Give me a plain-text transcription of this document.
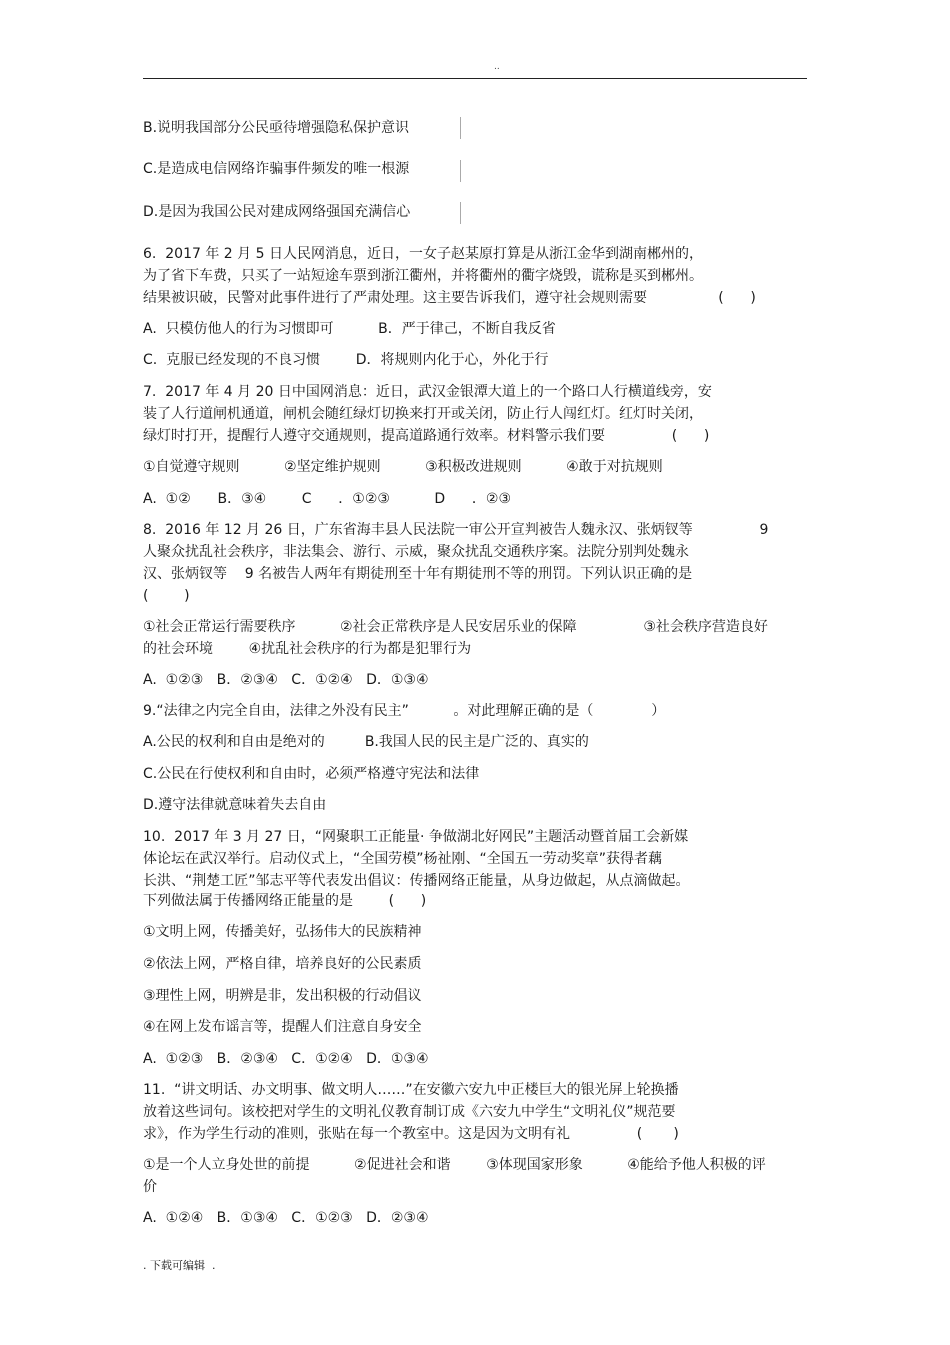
..
B.说明我国部分公民亟待增强隐私保护意识
C.是造成电信网络诈骗事件频发的唯一根源
D.是因为我国公民对建成网络强国充满信心
6.  2017 年 2 月 5 日人民网消息，近日，一女子赵某原打算是从浙江金华到湖南郴州的，
为了省下车费，只买了一站短途车票到浙江衢州，并将衢州的衢字烧毁，谎称是买到郴州。
结果被识破，民警对此事件进行了严肃处理。这主要告诉我们，遵守社会规则需要                (      )
A.  只模仿他人的行为习惯即可          B．严于律己，不断自我反省
C.  克服已经发现的不良习惯        D．将规则内化于心，外化于行
7.  2017 年 4 月 20 日中国网消息：近日，武汉金银潭大道上的一个路口人行横道线旁，安
装了人行道闸机通道，闸机会随红绿灯切换来打开或关闭，防止行人闯红灯。红灯时关闭，
绿灯时打开，提醒行人遵守交通规则，提高道路通行效率。材料警示我们要               (      )
①自觉遵守规则          ②坚定维护规则          ③积极改进规则          ④敢于对抗规则
A.  ①②      B．③④        C      ．①②③          D      ．②③
8.  2016 年 12 月 26 日，广东省海丰县人民法院一审公开宣判被告人魏永汉、张炳钗等               9
人聚众扰乱社会秩序，非法集会、游行、示威，聚众扰乱交通秩序案。法院分别判处魏永
汉、张炳钗等    9 名被告人两年有期徒刑至十年有期徒刑不等的刑罚。下列认识正确的是
(        )
①社会正常运行需要秩序          ②社会正常秩序是人民安居乐业的保障               ③社会秩序营造良好
的社会环境        ④扰乱社会秩序的行为都是犯罪行为
A.  ①②③   B．②③④   C．①②④   D．①③④
9.“法律之内完全自由，法律之外没有民主”          。对此理解正确的是（             ）
A.公民的权利和自由是绝对的         B.我国人民的民主是广泛的、真实的
C.公民在行使权利和自由时，必须严格遵守宪法和法律
D.遵守法律就意味着失去自由
10.  2017 年 3 月 27 日，“网聚职工正能量· 争做湖北好网民”主题活动暨首届工会新媒
体论坛在武汉举行。启动仪式上，“全国劳模”杨祉刚、“全国五一劳动奖章”获得者藕
长洪、“荆楚工匠”邹志平等代表发出倡议：传播网络正能量，从身边做起，从点滴做起。
下列做法属于传播网络正能量的是        (      )
①文明上网，传播美好，弘扬伟大的民族精神
②依法上网，严格自律，培养良好的公民素质
③理性上网，明辨是非，发出积极的行动倡议
④在网上发布谣言等，提醒人们注意自身安全
A.  ①②③   B．②③④   C．①②④   D．①③④
11.  “讲文明话、办文明事、做文明人……”在安徽六安九中正楼巨大的银光屏上轮换播
放着这些词句。该校把对学生的文明礼仪教育制订成《六安九中学生“文明礼仪”规范要
求》，作为学生行动的准则，张贴在每一个教室中。这是因为文明有礼               (       )
①是一个人立身处世的前提          ②促进社会和谐        ③体现国家形象          ④能给予他人积极的评
价
A.  ①②④   B．①③④   C．①②③   D．②③④
. 下载可编辑  .
